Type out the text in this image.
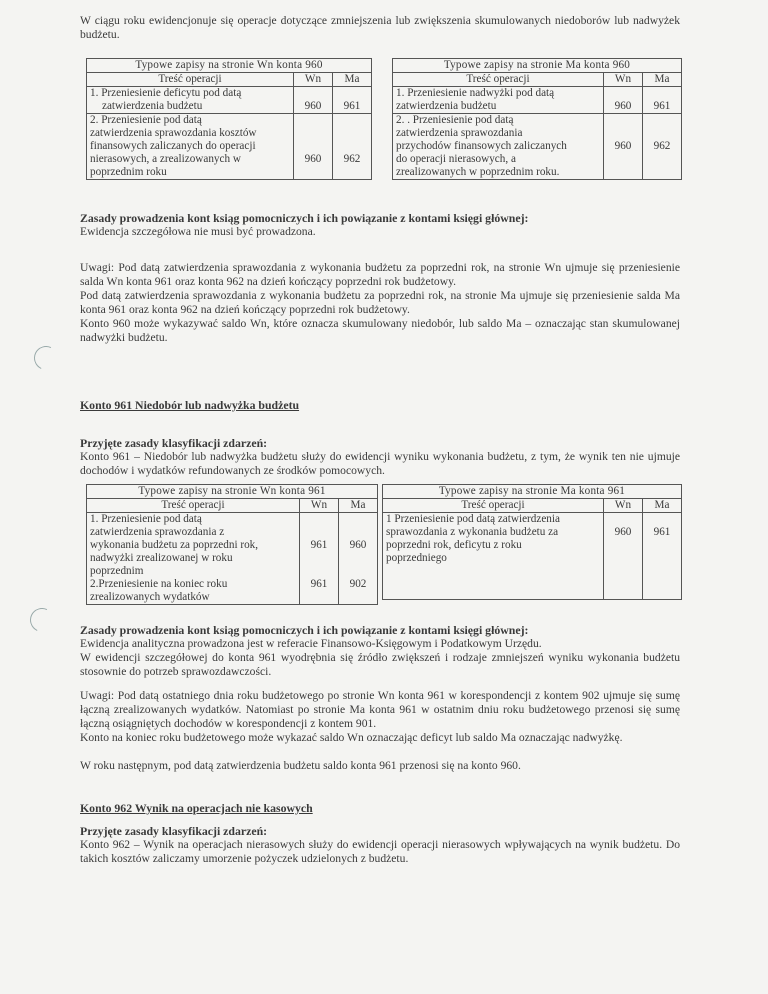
W ciągu roku ewidencjonuje się operacje dotyczące zmniejszenia lub zwiększenia skumulowanych niedoborów lub nadwyżek budżetu.

Typowe zapisy na stronie Wn konta 960		
Treść operacji	Wn	Ma

1. Przeniesienie deficytu pod datą
zatwierdzenia budżetu	960	961

2. Przeniesienie pod datą
zatwierdzenia sprawozdania kosztów
finansowych zaliczanych do operacji
nierasowych, a zrealizowanych w
poprzednim roku	960	962
Typowe zapisy na stronie Ma konta 960		
Treść operacji	Wn	Ma

1. Przeniesienie nadwyżki pod datą
zatwierdzenia budżetu	960	961

2. . Przeniesienie pod datą
zatwierdzenia sprawozdania
przychodów finansowych zaliczanych
do operacji nierasowych, a
zrealizowanych w poprzednim roku.	960	962

Zasady prowadzenia kont ksiąg pomocniczych i ich powiązanie z kontami księgi głównej:

Ewidencja szczegółowa nie musi być prowadzona.

Uwagi: Pod datą zatwierdzenia sprawozdania z wykonania budżetu za poprzedni rok, na stronie Wn ujmuje się przeniesienie salda Wn konta 961 oraz konta 962 na dzień kończący poprzedni rok budżetowy.

Pod datą zatwierdzenia sprawozdania z wykonania budżetu za poprzedni rok, na stronie Ma ujmuje się przeniesienie salda Ma konta 961 oraz konta 962 na dzień kończący poprzedni rok budżetowy.

Konto 960 może wykazywać saldo Wn, które oznacza skumulowany niedobór, lub saldo Ma – oznaczając stan skumulowanej nadwyżki budżetu.

Konto 961 Niedobór lub nadwyżka budżetu

Przyjęte zasady klasyfikacji zdarzeń:

Konto 961 – Niedobór lub nadwyżka budżetu służy do ewidencji wyniku wykonania budżetu, z tym, że wynik ten nie ujmuje dochodów i wydatków refundowanych ze środków pomocowych.

Typowe zapisy na stronie Wn konta 961		
Treść operacji	Wn	Ma

1. Przeniesienie pod datą
zatwierdzenia sprawozdania z
wykonania budżetu za poprzedni rok,
nadwyżki zrealizowanej w roku
poprzednim	961	960

2.Przeniesienie na koniec roku
zrealizowanych wydatków	961	902
Typowe zapisy na stronie Ma konta 961		
Treść operacji	Wn	Ma

1 Przeniesienie pod datą zatwierdzenia
sprawozdania z wykonania budżetu za
poprzedni rok, deficytu z roku
poprzedniego	960	961

Zasady prowadzenia kont ksiąg pomocniczych i ich powiązanie z kontami księgi głównej:

Ewidencja analityczna prowadzona jest w referacie Finansowo-Księgowym i Podatkowym Urzędu.

W ewidencji szczegółowej do konta 961 wyodrębnia się źródło zwiększeń i rodzaje zmniejszeń wyniku wykonania budżetu stosownie do potrzeb sprawozdawczości.

Uwagi: Pod datą ostatniego dnia roku budżetowego po stronie Wn konta 961 w korespondencji z kontem 902 ujmuje się sumę łączną zrealizowanych wydatków. Natomiast po stronie Ma konta 961 w ostatnim dniu roku budżetowego przenosi się sumę łączną osiągniętych dochodów w korespondencji z kontem 901.

Konto na koniec roku budżetowego może wykazać saldo Wn oznaczając deficyt lub saldo Ma oznaczając nadwyżkę.

W roku następnym, pod datą zatwierdzenia budżetu saldo konta 961 przenosi się na konto 960.

Konto 962 Wynik na operacjach nie kasowych

Przyjęte zasady klasyfikacji zdarzeń:

Konto 962 – Wynik na operacjach nierasowych służy do ewidencji operacji nierasowych wpływających na wynik budżetu. Do takich kosztów zaliczamy umorzenie pożyczek udzielonych z budżetu.
